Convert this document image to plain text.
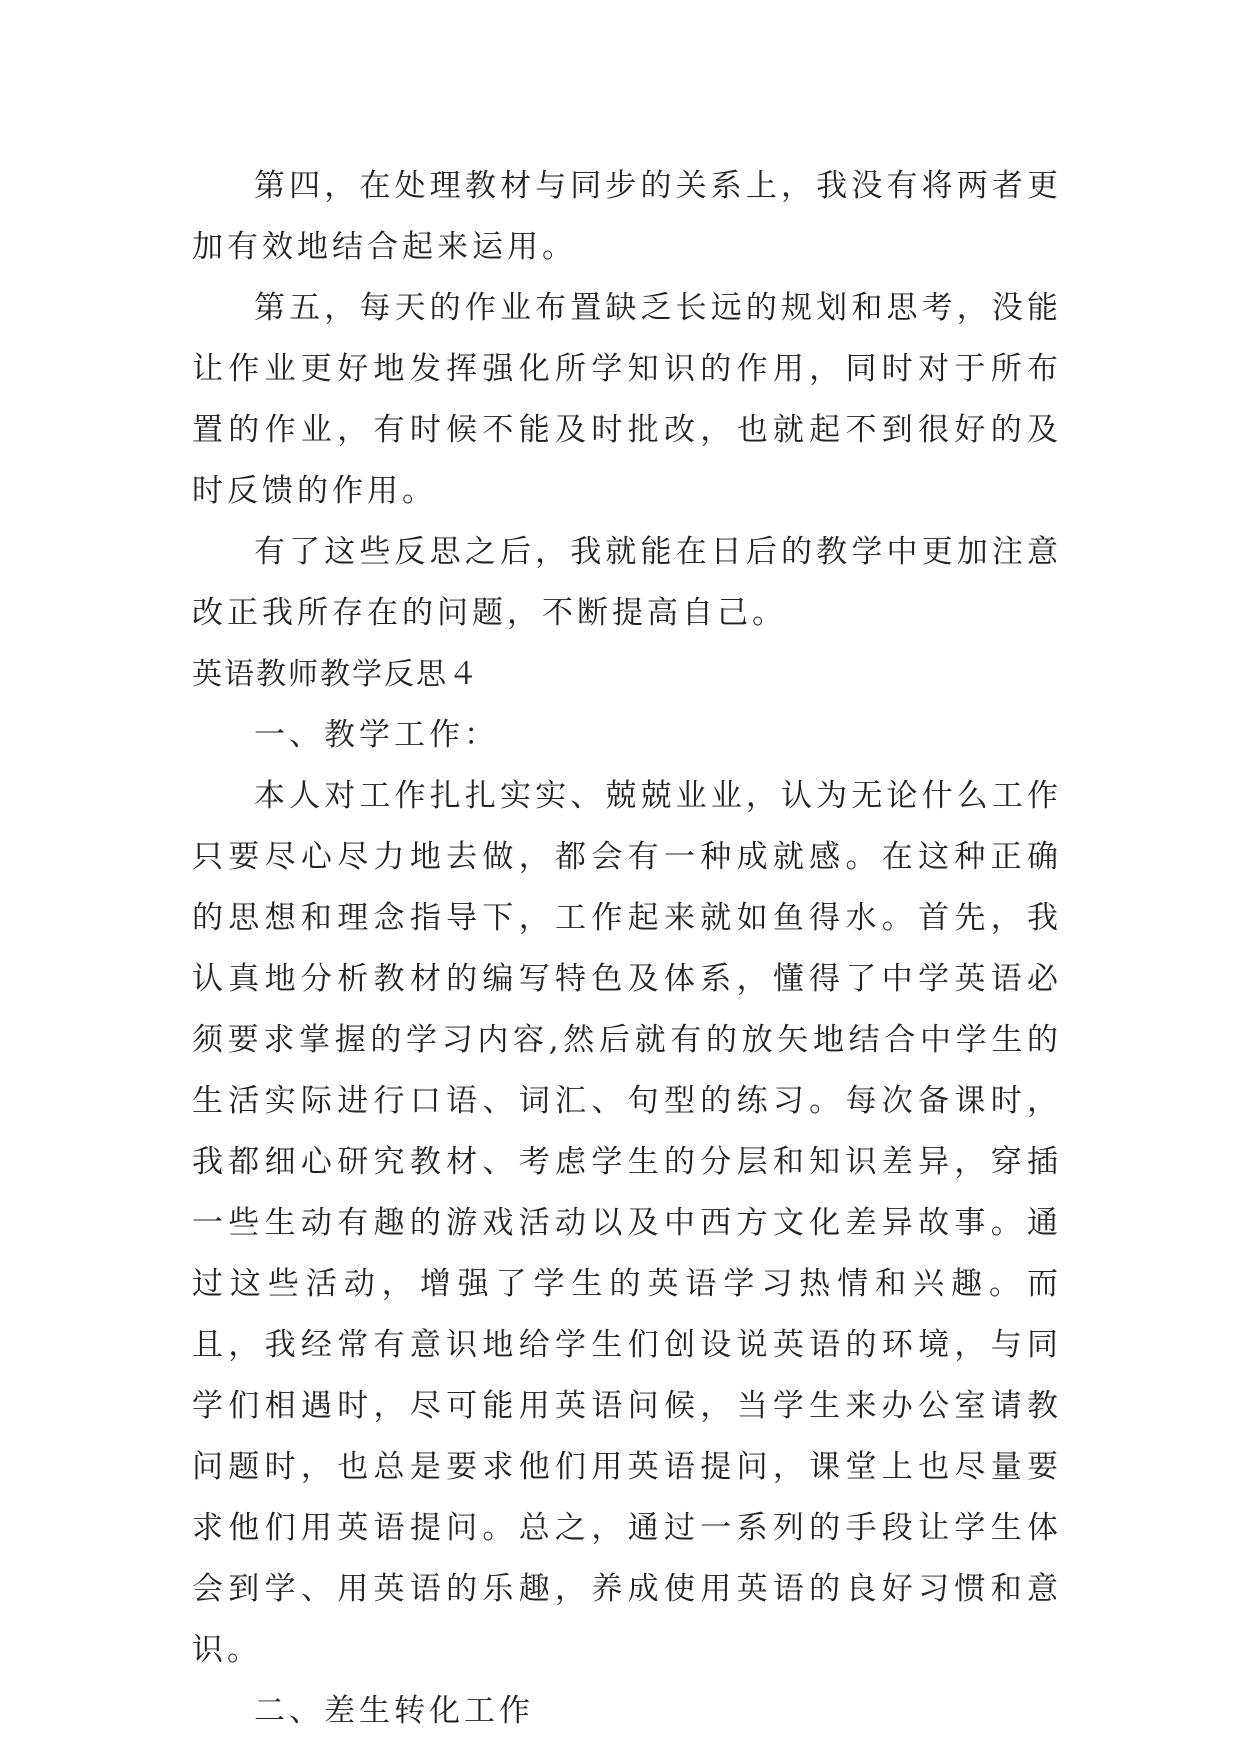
第四，在处理教材与同步的关系上，我没有将两者更加有效地结合起来运用。

第五，每天的作业布置缺乏长远的规划和思考，没能让作业更好地发挥强化所学知识的作用，同时对于所布置的作业，有时候不能及时批改，也就起不到很好的及时反馈的作用。

有了这些反思之后，我就能在日后的教学中更加注意改正我所存在的问题，不断提高自己。

英语教师教学反思４

一、教学工作：

本人对工作扎扎实实、兢兢业业，认为无论什么工作只要尽心尽力地去做，都会有一种成就感。在这种正确的思想和理念指导下，工作起来就如鱼得水。首先，我认真地分析教材的编写特色及体系，懂得了中学英语必须要求掌握的学习内容,然后就有的放矢地结合中学生的生活实际进行口语、词汇、句型的练习。每次备课时，我都细心研究教材、考虑学生的分层和知识差异，穿插一些生动有趣的游戏活动以及中西方文化差异故事。通过这些活动，增强了学生的英语学习热情和兴趣。而且，我经常有意识地给学生们创设说英语的环境，与同学们相遇时，尽可能用英语问候，当学生来办公室请教问题时，也总是要求他们用英语提问，课堂上也尽量要求他们用英语提问。总之，通过一系列的手段让学生体会到学、用英语的乐趣，养成使用英语的良好习惯和意识。

二、差生转化工作
